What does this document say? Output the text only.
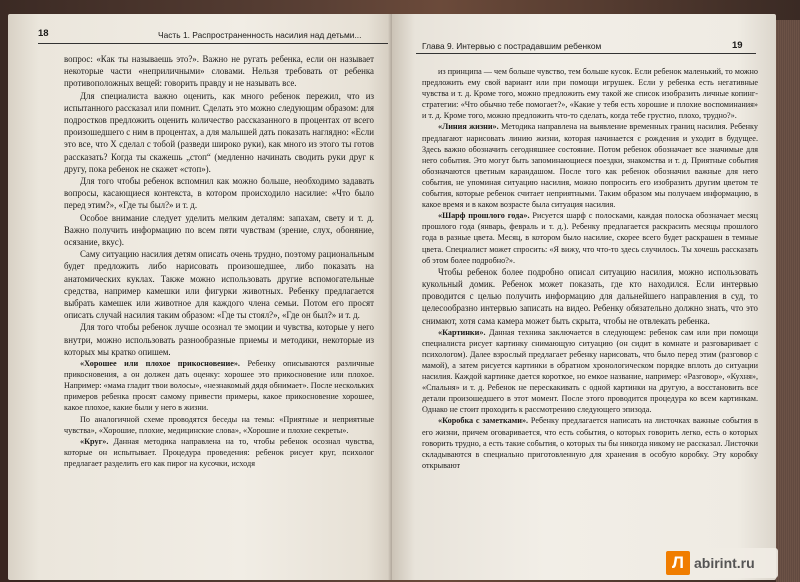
18	Часть 1. Распространенность насилия над детьми...

вопрос: «Как ты называешь это?». Важно не ругать ребенка, если он называет некоторые части «неприличными» словами. Нельзя требовать от ребенка противоположных вещей: говорить правду и не называть все.

Для специалиста важно оценить, как много ребенок пережил, что из испытанного рассказал или помнит. Сделать это можно следующим образом: для подростков предложить оценить количество рассказанного в процентах от всего произошедшего с ним в процентах, а для малышей дать показать наглядно: «Если это все, что X сделал с тобой (разведи широко руки), как много из этого ты готов рассказать? Когда ты скажешь „стоп“ (медленно начинать сводить руки друг к другу, пока ребенок не скажет «стоп»).

Для того чтобы ребенок вспомнил как можно больше, необходимо задавать вопросы, касающиеся контекста, в котором происходило насилие: «Что было перед этим?», «Где ты был?» и т. д.

Особое внимание следует уделить мелким деталям: запахам, свету и т. д. Важно получить информацию по всем пяти чувствам (зрение, слух, обоняние, осязание, вкус).

Саму ситуацию насилия детям описать очень трудно, поэтому рациональным будет предложить либо нарисовать произошедшее, либо показать на анатомических куклах. Также можно использовать другие вспомогательные средства, например камешки или фигурки животных. Ребенку предлагается выбрать камешек или животное для каждого члена семьи. Потом его просят описать случай насилия таким образом: «Где ты стоял?», «Где он был?» и т. д.

Для того чтобы ребенок лучше осознал те эмоции и чувства, которые у него внутри, можно использовать разнообразные приемы и методики, некоторые из которых мы кратко опишем.

«Хорошее или плохое прикосновение». Ребенку описываются различные прикосновения, а он должен дать оценку: хорошее это прикосновение или плохое. Например: «мама гладит твои волосы», «незнакомый дядя обнимает». После нескольких примеров ребенка просят самому привести примеры, какое прикосновение хорошее, какое плохое, какие были у него в жизни.

По аналогичной схеме проводятся беседы на темы: «Приятные и неприятные чувства», «Хорошие, плохие, медицинские слова», «Хорошие и плохие секреты».

«Круг». Данная методика направлена на то, чтобы ребенок осознал чувства, которые он испытывает. Процедура проведения: ребенок рисует круг, психолог предлагает разделить его как пирог на кусочки, исходя

Глава 9. Интервью с пострадавшим ребенком	19

из принципа — чем больше чувство, тем больше кусок. Если ребенок маленький, то можно предложить ему свой вариант или при помощи игрушек. Если у ребенка есть негативные чувства и т. д. Кроме того, можно предложить ему такой же список изобразить личные копинг-стратегии: «Что обычно тебе помогает?», «Какие у тебя есть хорошие и плохие воспоминания» и т. д. Кроме того, можно предложить что-то сделать, когда тебе грустно, плохо, трудно?».

«Линия жизни». Методика направлена на выявление временных границ насилия. Ребенку предлагают нарисовать линию жизни, которая начинается с рождения и уходит в будущее. Здесь важно обозначить сегодняшнее состояние. Потом ребенок обозначает все значимые для него события. Это могут быть запоминающиеся поездки, знакомства и т. д. Приятные события обозначаются цветным карандашом. После того как ребенок обозначил важные для него события, не упоминая ситуацию насилия, можно попросить его изобразить другим цветом те события, которые ребенок считает неприятными. Таким образом мы получаем информацию, в какое время и в каком возрасте была ситуация насилия.

«Шарф прошлого года». Рисуется шарф с полосками, каждая полоска обозначает месяц прошлого года (январь, февраль и т. д.). Ребенку предлагается раскрасить месяцы прошлого года в разные цвета. Месяц, в котором было насилие, скорее всего будет раскрашен в темные цвета. Специалист может спросить: «Я вижу, что что-то здесь случилось. Ты хочешь рассказать об этом более подробно?».

Чтобы ребенок более подробно описал ситуацию насилия, можно использовать кукольный домик. Ребенок может показать, где кто находился. Если интервью проводится с целью получить информацию для дальнейшего направления в суд, то целесообразно интервью записать на видео. Ребенку обязательно должно знать, что это снимают, хотя сама камера может быть скрыта, чтобы не отвлекать ребенка.

«Картинки». Данная техника заключается в следующем: ребенок сам или при помощи специалиста рисует картинку снимающую ситуацию (он сидит в комнате и разговаривает с психологом). Далее взрослый предлагает ребенку нарисовать, что было перед этим (разговор с мамой), а затем рисуется картинки в обратном хронологическом порядке вплоть до ситуации насилия. Каждой картинке дается короткое, но емкое название, например: «Разговор», «Кухня», «Спальня» и т. д. Ребенок не перескакивать с одной картинки на другую, а восстановить все детали произошедшего в этот момент. После этого проводится процедура ко всем картинкам. Однако не стоит проходить к рассмотрению следующего эпизода.

«Коробка с заметками». Ребенку предлагается написать на листочках важные события в его жизни, причем оговаривается, что есть события, о которых говорить легко, есть о которых говорить трудно, а есть такие события, о которых ты бы никогда никому не рассказал. Листочки складываются в специально приготовленную для хранения в особую коробку. Эту коробку открывают

Л abirint.ru
